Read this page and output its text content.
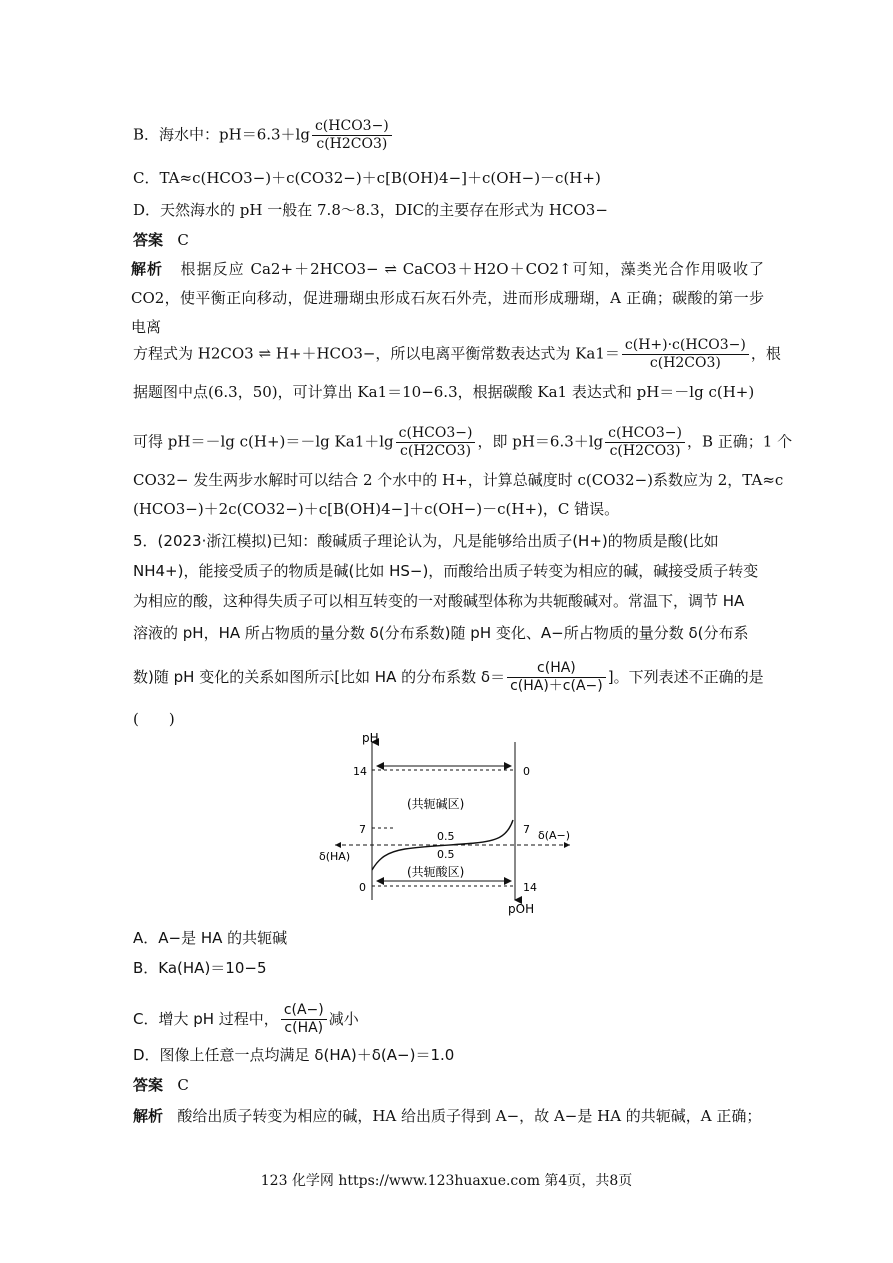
B．海水中：$pH=6.3+\lg \frac{\text{c(HCO3−)}}{c(H2CO3)}$
C．TA≈c(HCO3−)＋c(CO32−)＋c[B(OH)4−]＋c(OH−)－c(H+)
D．天然海水的 pH 一般在 7.8～8.3，DIC的主要存在形式为 HCO3−
答案 C
解析 根据反应 Ca2+＋2HCO3− ⇌ CaCO3＋H2O＋CO2↑可知，藻类光合作用吸收了 CO2，使平衡正向移动，促进珊瑚虫形成石灰石外壳，进而形成珊瑚，A 正确；碳酸的第一步电离
方程式为 H2CO3 ⇌ H+＋HCO3−，所以电离平衡常数表达式为 $Ka1= \frac{\text{c(H+)·c(HCO3−)}}{c(H2CO3)}$ ，根
据题图中点(6.3，50)，可计算出 Ka1＝10−6.3，根据碳酸 Ka1 表达式和 pH＝－lg c(H+)
可得 pH＝－lg c(H+)＝－lg $Ka1+\lg \frac{\text{c(HCO3−)}}{c(H2CO3)}$ ，即 $pH=6.3+\lg \frac{\text{c(HCO3−)}}{c(H2CO3)}$ ，B 正确；1 个
CO32− 发生两步水解时可以结合 2 个水中的 H+，计算总碱度时 c(CO32−)系数应为 2，TA≈c
(HCO3−)＋2c(CO32−)＋c[B(OH)4−]＋c(OH−)－c(H+)，C 错误。
5．(2023·浙江模拟)已知：酸碱质子理论认为，凡是能够给出质子(H+)的物质是酸(比如
NH4+)，能接受质子的物质是碱(比如 HS−)，而酸给出质子转变为相应的碱，碱接受质子转变
为相应的酸，这种得失质子可以相互转变的一对酸碱型体称为共轭酸碱对。常温下，调节 HA
溶液的 pH，HA 所占物质的量分数 δ(分布系数)随 pH 变化、A−所占物质的量分数 δ(分布系
数)随 pH 变化的关系如图所示[比如 HA 的分布系数 $\delta= \frac{c(HA)}{c(HA)+c(A-)}$ ]。下列表述不正确的是
(　　)
pH
pOH
14
7
0
0
7
14
δ(HA)
δ(A−)
(共轭碱区)
(共轭酸区)
0.5
0.5
A．A−是 HA 的共轭碱
B．Ka(HA)＝10−5
C．增大 pH 过程中， $\frac{c(A-)}{c(HA)}$ 减小
D．图像上任意一点均满足 δ(HA)＋δ(A−)＝1.0
答案 C
解析 酸给出质子转变为相应的碱，HA 给出质子得到 A−，故 A−是 HA 的共轭碱，A 正确；
123 化学网 https://www.123huaxue.com 第4页，共8页
